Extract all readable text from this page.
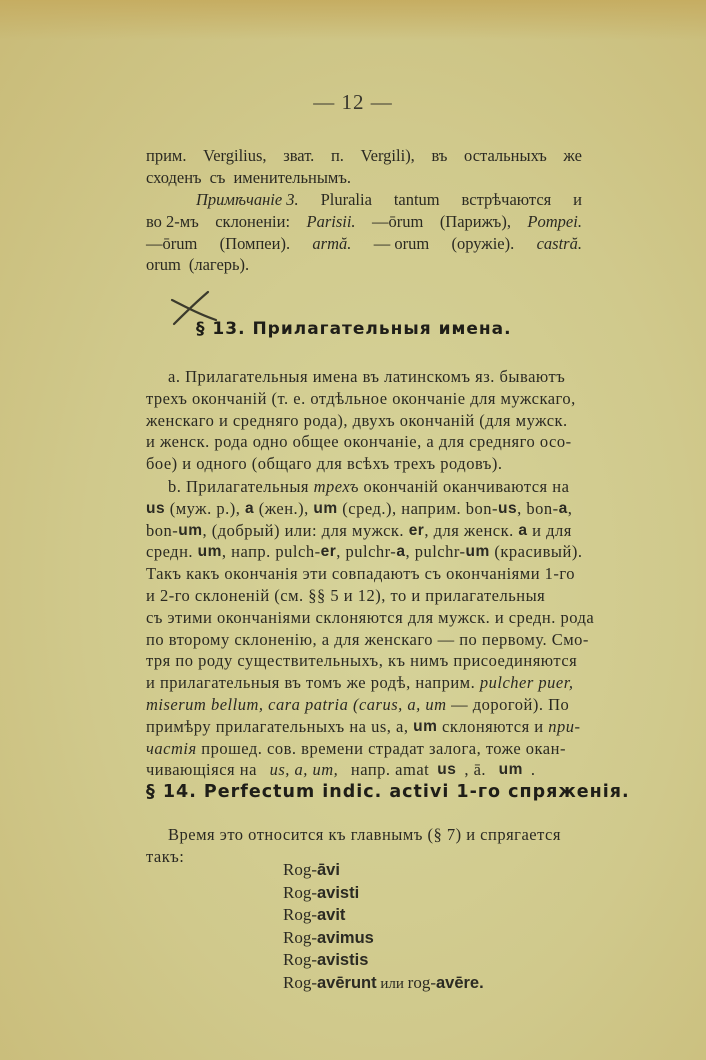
— 12 —
прим. Vergilius, зват. п. Vergili), въ остальныхъ же
сходенъ съ именительнымъ.
Примѣчаніе 3. Pluralia tantum встрѣчаются и
во 2-мъ склоненіи: Parisii. —ōrum (Парижъ), Pompei.
—ōrum (Помпеи). armă. — orum (оружіе). castră.
orum (лагерь).
§ 13. Прилагательныя имена.
а. Прилагательныя имена въ латинскомъ яз. бываютъ
трехъ окончаній (т. е. отдѣльное окончаніе для мужскаго,
женскаго и средняго рода), двухъ окончаній (для мужск.
и женск. рода одно общее окончаніе, а для средняго осо-
бое) и одного (общаго для всѣхъ трехъ родовъ).
b. Прилагательныя трехъ окончаній оканчиваются на
us (муж. р.), a (жен.), um (сред.), наприм. bon- us , bon- a ,
bon- um , (добрый) или: для мужск. er , для женск. a и для
средн. um , напр. pulch- er , pulchr- a , pulchr- um (красивый).
Такъ какъ окончанія эти совпадаютъ съ окончаніями 1-го
и 2-го склоненій (см. §§ 5 и 12), то и прилагательныя
съ этими окончаніями склоняются для мужск. и средн. рода
по второму склоненію, а для женскаго — по первому. Смо-
тря по роду существительныхъ, къ нимъ присоединяются
и прилагательныя въ томъ же родѣ, наприм. pulcher puer,
miserum bellum, cara patria (carus, a, um — дорогой). По
примѣру прилагательныхъ на us, a, um склоняются и при-
частія прошед. сов. времени страдат залога, тоже окан-
чивающіяся на us, a, um, напр. amat us , ā. um .
§ 14. Perfectum indic. activi 1-го спряженія.
Время это относится къ главнымъ (§ 7) и спрягается
такъ:
Rog-āvi
Rog-avisti
Rog-avit
Rog-avimus
Rog-avistis
Rog-avērunt или rog-avēre.
